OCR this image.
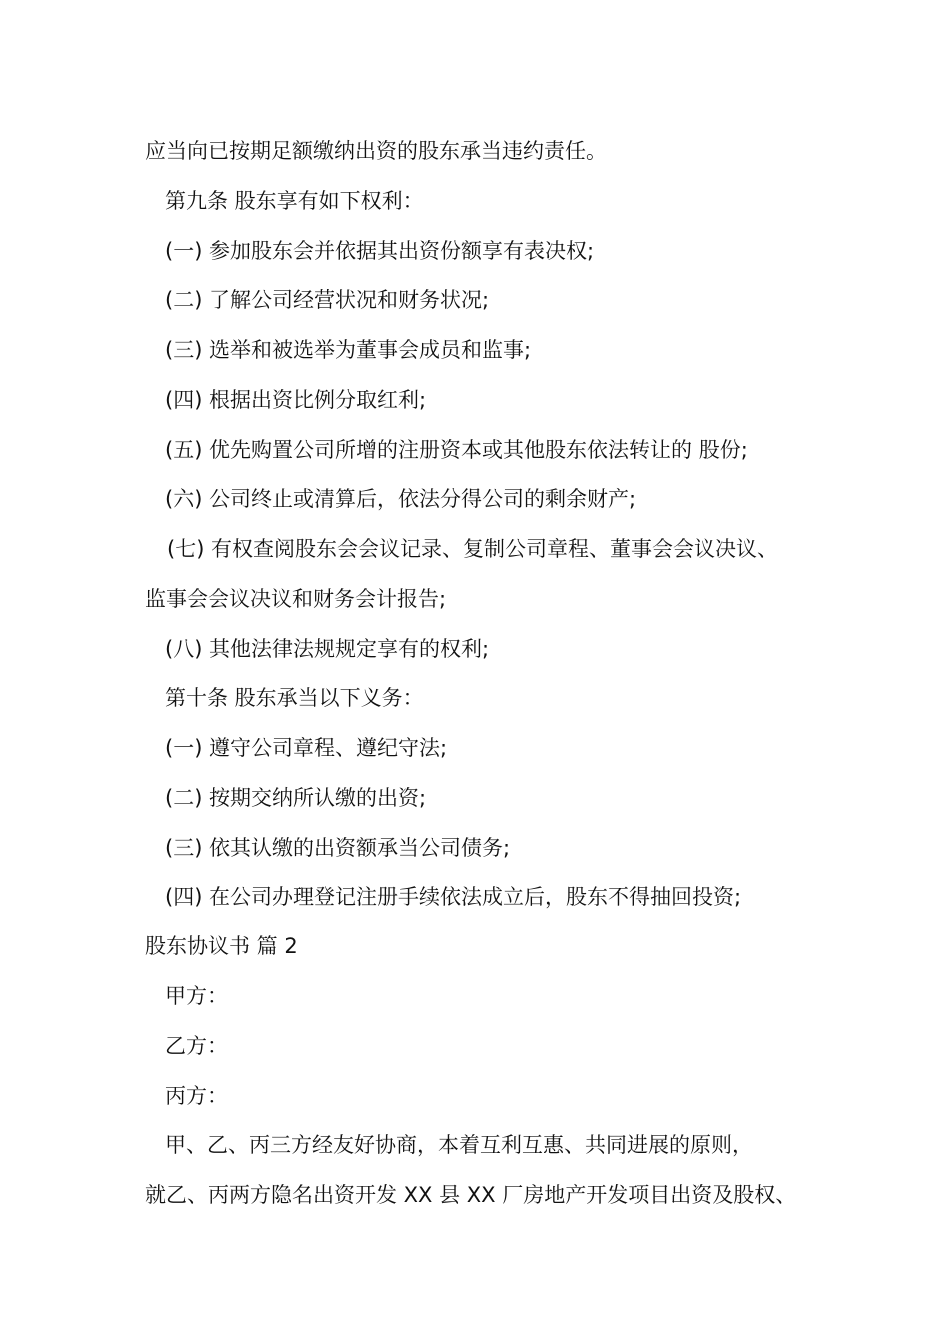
应当向已按期足额缴纳出资的股东承当违约责任。
第九条 股东享有如下权利：
(一) 参加股东会并依据其出资份额享有表决权;
(二) 了解公司经营状况和财务状况;
(三) 选举和被选举为董事会成员和监事;
(四) 根据出资比例分取红利;
(五) 优先购置公司所增的注册资本或其他股东依法转让的 股份;
(六) 公司终止或清算后，依法分得公司的剩余财产;
(七) 有权查阅股东会会议记录、复制公司章程、董事会会议决议、
监事会会议决议和财务会计报告;
(八) 其他法律法规规定享有的权利;
第十条 股东承当以下义务：
(一) 遵守公司章程、遵纪守法;
(二) 按期交纳所认缴的出资;
(三) 依其认缴的出资额承当公司债务;
(四) 在公司办理登记注册手续依法成立后，股东不得抽回投资;
股东协议书 篇 2
甲方：
乙方：
丙方：
甲、乙、丙三方经友好协商，本着互利互惠、共同进展的原则，
就乙、丙两方隐名出资开发 XX 县 XX 厂房地产开发项目出资及股权、
